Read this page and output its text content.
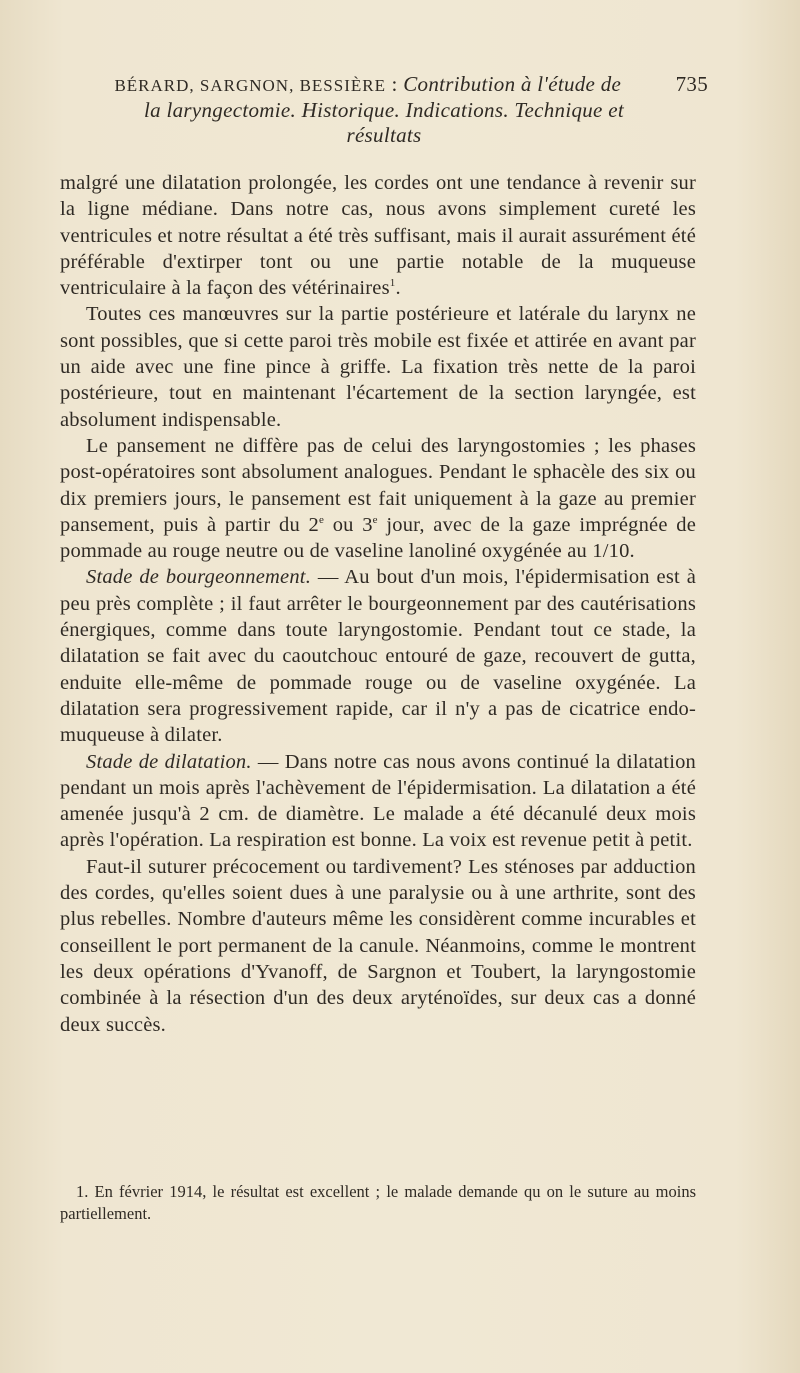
735
BÉRARD, SARGNON, BESSIÈRE : Contribution à l'étude de
la laryngectomie. Historique. Indications. Technique et
résultats

malgré une dilatation prolongée, les cordes ont une tendance à revenir sur la ligne médiane. Dans notre cas, nous avons simplement cureté les ventricules et notre résultat a été très suffisant, mais il aurait assurément été préférable d'extirper tont ou une partie notable de la muqueuse ventriculaire à la façon des vétérinaires$^1$.

Toutes ces manœuvres sur la partie postérieure et latérale du larynx ne sont possibles, que si cette paroi très mobile est fixée et attirée en avant par un aide avec une fine pince à griffe. La fixation très nette de la paroi postérieure, tout en maintenant l'écartement de la section laryngée, est absolument indispensable.

Le pansement ne diffère pas de celui des laryngostomies ; les phases post-opératoires sont absolument analogues. Pendant le sphacèle des six ou dix premiers jours, le pansement est fait uniquement à la gaze au premier pansement, puis à partir du 2e ou 3e jour, avec de la gaze imprégnée de pommade au rouge neutre ou de vaseline lanoliné oxygénée au 1/10.

Stade de bourgeonnement. — Au bout d'un mois, l'épidermisation est à peu près complète ; il faut arrêter le bourgeonnement par des cautérisations énergiques, comme dans toute laryngostomie. Pendant tout ce stade, la dilatation se fait avec du caoutchouc entouré de gaze, recouvert de gutta, enduite elle-même de pommade rouge ou de vaseline oxygénée. La dilatation sera progressivement rapide, car il n'y a pas de cicatrice endo-muqueuse à dilater.

Stade de dilatation. — Dans notre cas nous avons continué la dilatation pendant un mois après l'achèvement de l'épidermisation. La dilatation a été amenée jusqu'à 2 cm. de diamètre. Le malade a été décanulé deux mois après l'opération. La respiration est bonne. La voix est revenue petit à petit.

Faut-il suturer précocement ou tardivement? Les sténoses par adduction des cordes, qu'elles soient dues à une paralysie ou à une arthrite, sont des plus rebelles. Nombre d'auteurs même les considèrent comme incurables et conseillent le port permanent de la canule. Néanmoins, comme le montrent les deux opérations d'Yvanoff, de Sargnon et Toubert, la laryngostomie combinée à la résection d'un des deux aryténoïdes, sur deux cas a donné deux succès.

1. En février 1914, le résultat est excellent ; le malade demande qu on le suture au moins partiellement.
